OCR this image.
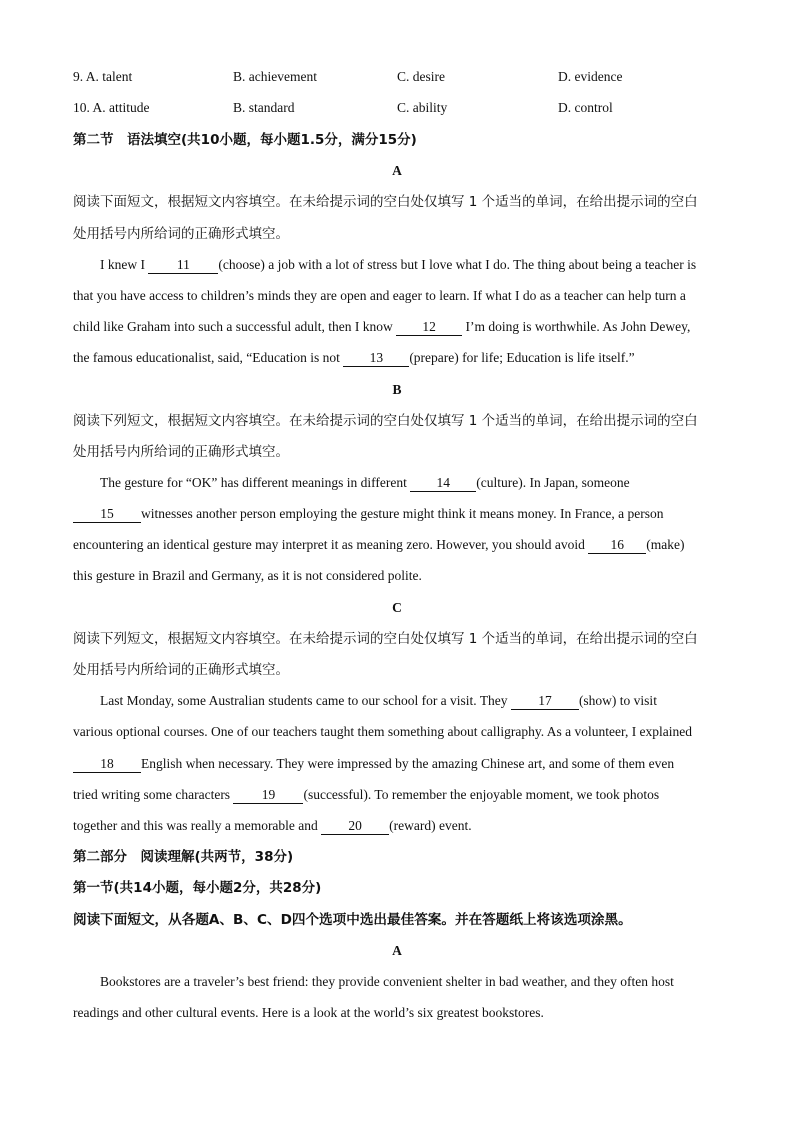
9. A. talent	B. achievement	C. desire	D. evidence
10. A. attitude	B. standard	C. ability	D. control
第二节　语法填空(共10小题，每小题1.5分，满分15分)
A
阅读下面短文，根据短文内容填空。在未给提示词的空白处仅填写 1 个适当的单词，在给出提示词的空白
处用括号内所给词的正确形式填空。
I knew I 11 (choose) a job with a lot of stress but I love what I do. The thing about being a teacher is
that you have access to children’s minds they are open and eager to learn. If what I do as a teacher can help turn a
child like Graham into such a successful adult, then I know 12 I’m doing is worthwhile. As John Dewey,
the famous educationalist, said, “Education is not 13 (prepare) for life; Education is life itself.”
B
阅读下列短文，根据短文内容填空。在未给提示词的空白处仅填写 1 个适当的单词，在给出提示词的空白
处用括号内所给词的正确形式填空。
The gesture for “OK” has different meanings in different 14 (culture). In Japan, someone
15 witnesses another person employing the gesture might think it means money. In France, a person
encountering an identical gesture may interpret it as meaning zero. However, you should avoid 16 (make)
this gesture in Brazil and Germany, as it is not considered polite.
C
阅读下列短文，根据短文内容填空。在未给提示词的空白处仅填写 1 个适当的单词，在给出提示词的空白
处用括号内所给词的正确形式填空。
Last Monday, some Australian students came to our school for a visit. They 17 (show) to visit
various optional courses. One of our teachers taught them something about calligraphy. As a volunteer, I explained
18 English when necessary. They were impressed by the amazing Chinese art, and some of them even
tried writing some characters 19 (successful). To remember the enjoyable moment, we took photos
together and this was really a memorable and 20 (reward) event.
第二部分　阅读理解(共两节，38分)
第一节(共14小题，每小题2分，共28分)
阅读下面短文，从各题A、B、C、D四个选项中选出最佳答案。并在答题纸上将该选项涂黑。
A
Bookstores are a traveler’s best friend: they provide convenient shelter in bad weather, and they often host
readings and other cultural events. Here is a look at the world’s six greatest bookstores.
